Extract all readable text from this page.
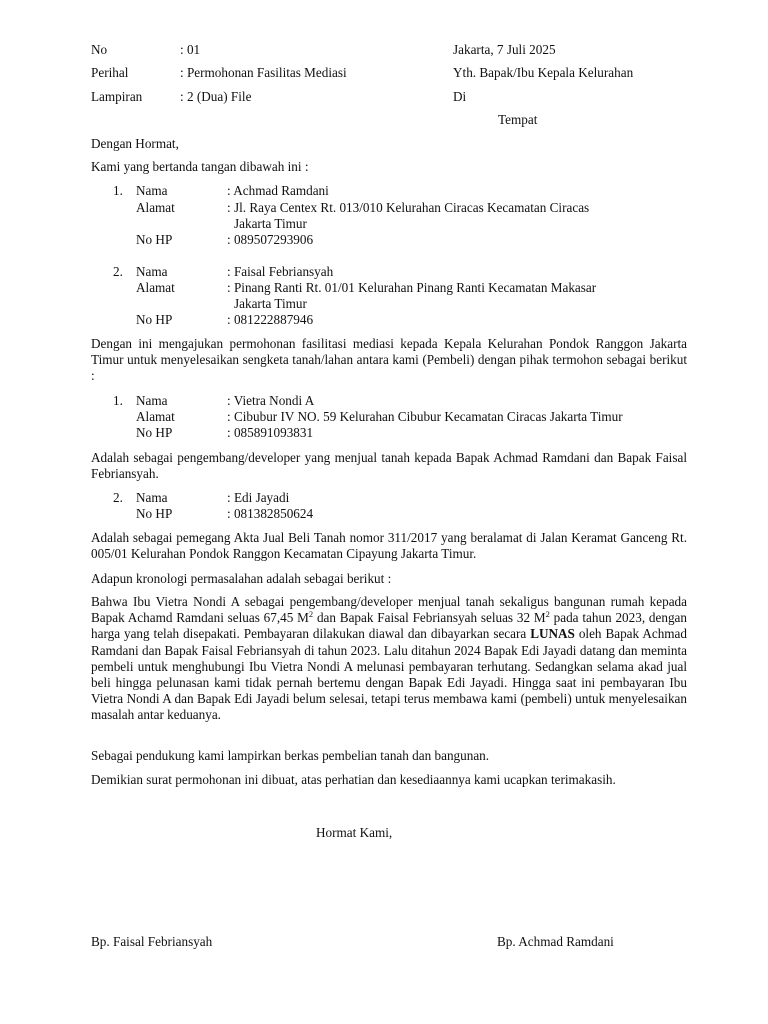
No	: 01
Perihal	: Permohonan Fasilitas Mediasi
Lampiran	: 2 (Dua) File
Jakarta, 7 Juli 2025
Yth. Bapak/Ibu Kepala Kelurahan
Di
Tempat
Dengan Hormat,
Kami yang bertanda tangan dibawah ini :
1. Nama	: Achmad Ramdani
Alamat	: Jl. Raya Centex Rt. 013/010 Kelurahan Ciracas Kecamatan Ciracas
Jakarta Timur
No HP	: 089507293906
2. Nama	: Faisal Febriansyah
Alamat	: Pinang Ranti Rt. 01/01 Kelurahan Pinang Ranti Kecamatan Makasar
Jakarta Timur
No HP	: 081222887946
Dengan ini mengajukan permohonan fasilitasi mediasi kepada Kepala Kelurahan Pondok Ranggon Jakarta Timur untuk menyelesaikan sengketa tanah/lahan antara kami (Pembeli) dengan pihak termohon sebagai berikut :
1. Nama	: Vietra Nondi A
Alamat	: Cibubur IV NO. 59 Kelurahan Cibubur Kecamatan Ciracas Jakarta Timur
No HP	: 085891093831
Adalah sebagai pengembang/developer yang menjual tanah kepada Bapak Achmad Ramdani dan Bapak Faisal Febriansyah.
2. Nama	: Edi Jayadi
No HP	: 081382850624
Adalah sebagai pemegang Akta Jual Beli Tanah nomor 311/2017 yang beralamat di Jalan Keramat Ganceng Rt. 005/01 Kelurahan Pondok Ranggon Kecamatan Cipayung Jakarta Timur.
Adapun kronologi permasalahan adalah sebagai berikut :
Bahwa Ibu Vietra Nondi A sebagai pengembang/developer menjual tanah sekaligus bangunan rumah kepada Bapak Achamd Ramdani seluas 67,45 $M^2$ dan Bapak Faisal Febriansyah seluas 32 $M^2$ pada tahun 2023, dengan harga yang telah disepakati. Pembayaran dilakukan diawal dan dibayarkan secara LUNAS oleh Bapak Achmad Ramdani dan Bapak Faisal Febriansyah di tahun 2023. Lalu ditahun 2024 Bapak Edi Jayadi datang dan meminta pembeli untuk menghubungi Ibu Vietra Nondi A melunasi pembayaran terhutang. Sedangkan selama akad jual beli hingga pelunasan kami tidak pernah bertemu dengan Bapak Edi Jayadi. Hingga saat ini pembayaran Ibu Vietra Nondi A dan Bapak Edi Jayadi belum selesai, tetapi terus membawa kami (pembeli) untuk menyelesaikan masalah antar keduanya.
Sebagai pendukung kami lampirkan berkas pembelian tanah dan bangunan.
Demikian surat permohonan ini dibuat, atas perhatian dan kesediaannya kami ucapkan terimakasih.
Hormat Kami,
Bp. Faisal Febriansyah	Bp. Achmad Ramdani
